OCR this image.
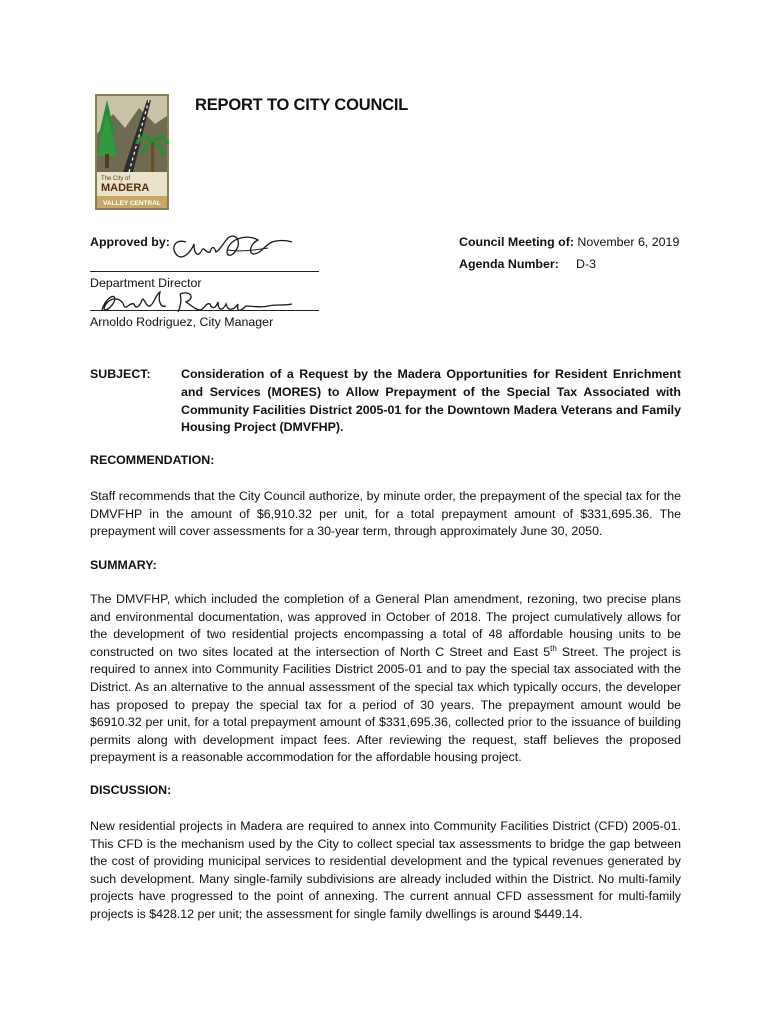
The City of
MADERA
VALLEY CENTRAL
REPORT TO CITY COUNCIL
Approved by:
Department Director
Arnoldo Rodriguez, City Manager
Council Meeting of: November 6, 2019
Agenda Number: D-3
SUBJECT: Consideration of a Request by the Madera Opportunities for Resident Enrichment and Services (MORES) to Allow Prepayment of the Special Tax Associated with Community Facilities District 2005-01 for the Downtown Madera Veterans and Family Housing Project (DMVFHP).

RECOMMENDATION:

Staff recommends that the City Council authorize, by minute order, the prepayment of the special tax for the DMVFHP in the amount of $6,910.32 per unit, for a total prepayment amount of $331,695.36. The prepayment will cover assessments for a 30-year term, through approximately June 30, 2050.

SUMMARY:

The DMVFHP, which included the completion of a General Plan amendment, rezoning, two precise plans and environmental documentation, was approved in October of 2018. The project cumulatively allows for the development of two residential projects encompassing a total of 48 affordable housing units to be constructed on two sites located at the intersection of North C Street and East 5th Street. The project is required to annex into Community Facilities District 2005-01 and to pay the special tax associated with the District. As an alternative to the annual assessment of the special tax which typically occurs, the developer has proposed to prepay the special tax for a period of 30 years. The prepayment amount would be $6910.32 per unit, for a total prepayment amount of $331,695.36, collected prior to the issuance of building permits along with development impact fees. After reviewing the request, staff believes the proposed prepayment is a reasonable accommodation for the affordable housing project.

DISCUSSION:

New residential projects in Madera are required to annex into Community Facilities District (CFD) 2005-01. This CFD is the mechanism used by the City to collect special tax assessments to bridge the gap between the cost of providing municipal services to residential development and the typical revenues generated by such development. Many single-family subdivisions are already included within the District. No multi-family projects have progressed to the point of annexing. The current annual CFD assessment for multi-family projects is $428.12 per unit; the assessment for single family dwellings is around $449.14.
